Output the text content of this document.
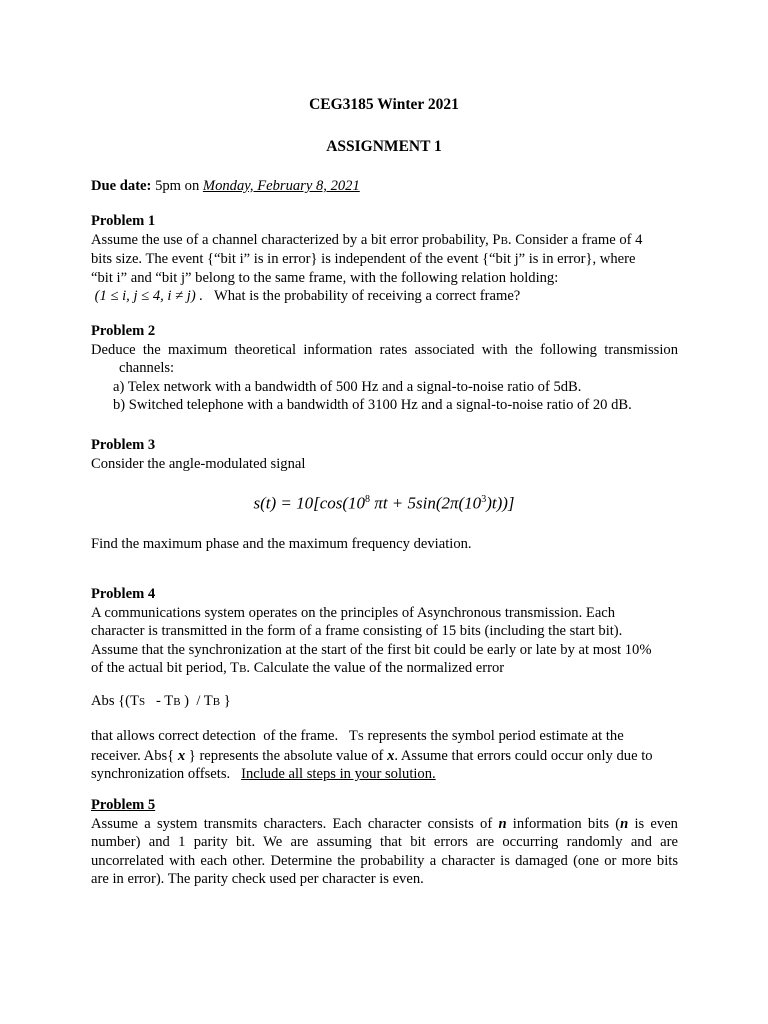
CEG3185 Winter 2021
ASSIGNMENT 1
Due date: 5pm on Monday, February 8, 2021

Problem 1

Assume the use of a channel characterized by a bit error probability, PB. Consider a frame of 4

bits size. The event {“bit i” is in error} is independent of the event {“bit j” is in error}, where

“bit i” and “bit j” belong to the same frame, with the following relation holding:

(1 ≤ i, j ≤ 4, i ≠ j) . What is the probability of receiving a correct frame?

Problem 2

Deduce the maximum theoretical information rates associated with the following transmission

channels:

a) Telex network with a bandwidth of 500 Hz and a signal-to-noise ratio of 5dB.
b) Switched telephone with a bandwidth of 3100 Hz and a signal-to-noise ratio of 20 dB.

Problem 3

Consider the angle-modulated signal

$s(t) = 10[\cos(10^8$ $\pi t + 5\sin(2\pi(10^3)t)$)]
Find the maximum phase and the maximum frequency deviation.

Problem 4

A communications system operates on the principles of Asynchronous transmission. Each

character is transmitted in the form of a frame consisting of 15 bits (including the start bit).

Assume that the synchronization at the start of the first bit could be early or late by at most 10%

of the actual bit period, TB. Calculate the value of the normalized error

Abs {(TS   - TB )  / TB }

that allows correct detection  of the frame.   TS represents the symbol period estimate at the

receiver. Abs{ x } represents the absolute value of x. Assume that errors could occur only due to

synchronization offsets.   Include all steps in your solution.

Problem 5

Assume a system transmits characters. Each character consists of n information bits (n is even

number) and 1 parity bit. We are assuming that bit errors are occurring randomly and are

uncorrelated with each other. Determine the probability a character is damaged (one or more bits

are in error). The parity check used per character is even.
